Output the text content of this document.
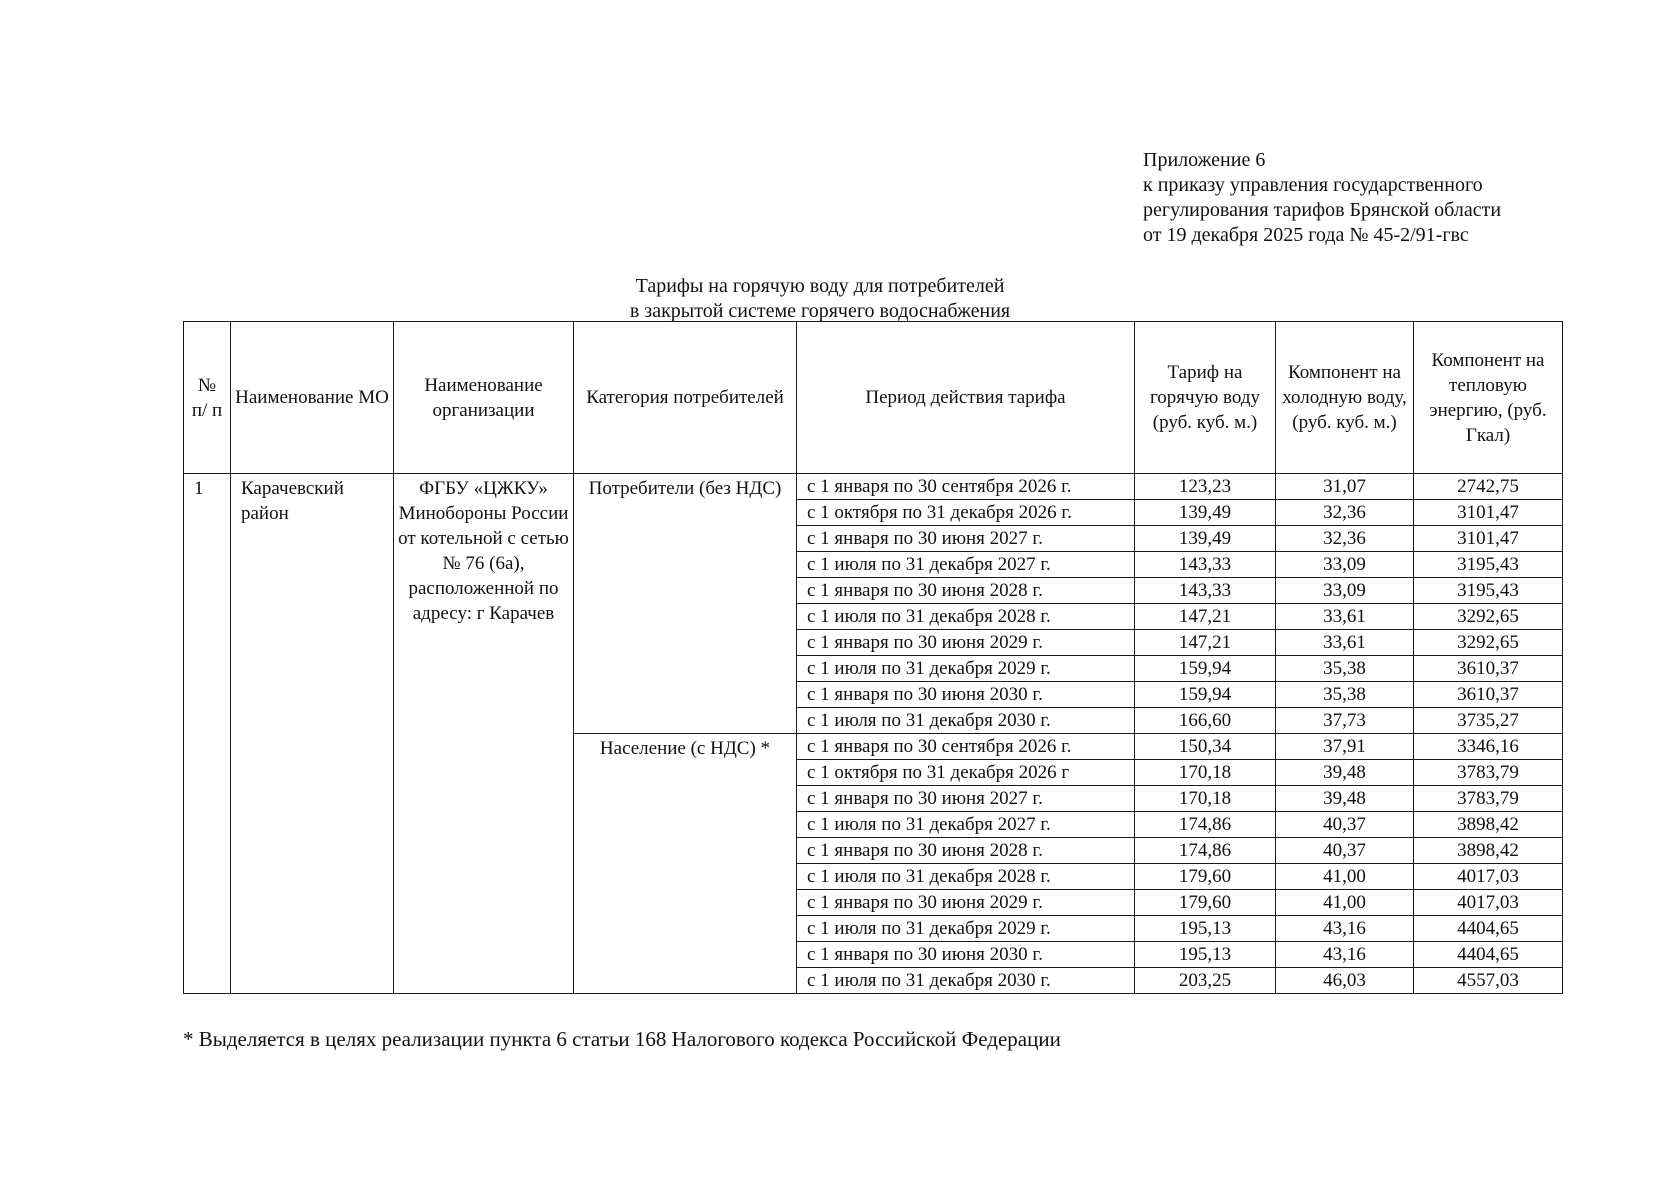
Приложение 6
к приказу управления государственного
регулирования тарифов Брянской области
от 19 декабря 2025 года № 45-2/91-гвс
Тарифы на горячую воду для потребителей
в закрытой системе горячего водоснабжения
№ п/ п	Наименование МО	Наименование организации	Категория потребителей	Период действия тарифа	Тариф на горячую воду (руб. куб. м.)	Компонент на холодную воду, (руб. куб. м.)	Компонент на тепловую энергию, (руб. Гкал)
1	Карачевский район	ФГБУ «ЦЖКУ» Минобороны России от котельной с сетью № 76 (6а), расположенной по адресу: г Карачев	Потребители (без НДС)	с 1 января по 30 сентября 2026 г.	123,23	31,07	2742,75
				с 1 октября по 31 декабря 2026 г.	139,49	32,36	3101,47
				с 1 января по 30 июня 2027 г.	139,49	32,36	3101,47
				с 1 июля по 31 декабря 2027 г.	143,33	33,09	3195,43
				с 1 января по 30 июня 2028 г.	143,33	33,09	3195,43
				с 1 июля по 31 декабря 2028 г.	147,21	33,61	3292,65
				с 1 января по 30 июня 2029 г.	147,21	33,61	3292,65
				с 1 июля по 31 декабря 2029 г.	159,94	35,38	3610,37
				с 1 января по 30 июня 2030 г.	159,94	35,38	3610,37
				с 1 июля по 31 декабря 2030 г.	166,60	37,73	3735,27
			Население (с НДС) *	с 1 января по 30 сентября 2026 г.	150,34	37,91	3346,16
				с 1 октября по 31 декабря 2026 г	170,18	39,48	3783,79
				с 1 января по 30 июня 2027 г.	170,18	39,48	3783,79
				с 1 июля по 31 декабря 2027 г.	174,86	40,37	3898,42
				с 1 января по 30 июня 2028 г.	174,86	40,37	3898,42
				с 1 июля по 31 декабря 2028 г.	179,60	41,00	4017,03
				с 1 января по 30 июня 2029 г.	179,60	41,00	4017,03
				с 1 июля по 31 декабря 2029 г.	195,13	43,16	4404,65
				с 1 января по 30 июня 2030 г.	195,13	43,16	4404,65
				с 1 июля по 31 декабря 2030 г.	203,25	46,03	4557,03
* Выделяется в целях реализации пункта 6 статьи 168 Налогового кодекса Российской Федерации
